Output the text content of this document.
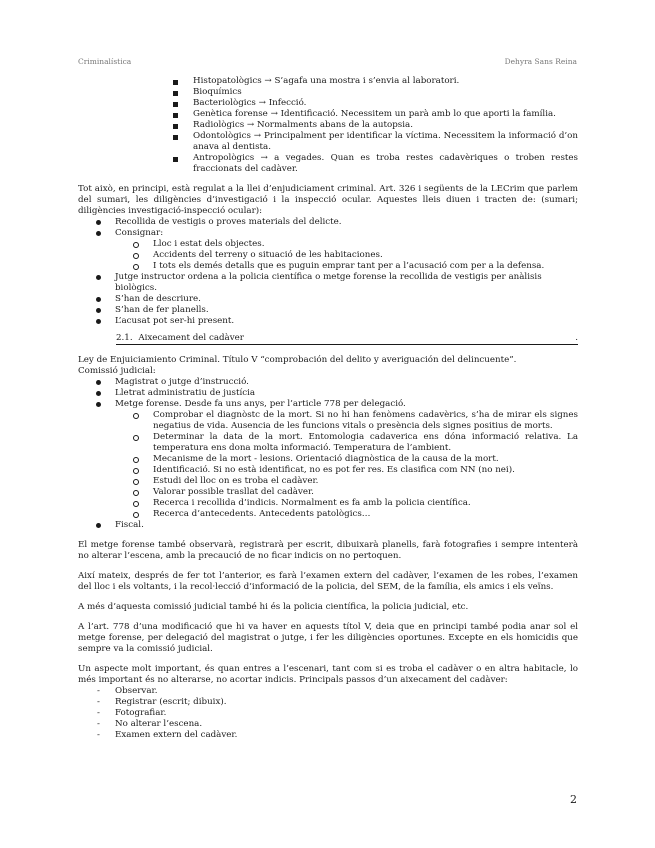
Criminalística	Dehyra Sans Reina
Histopatològics → S’agafa una mostra i s’envia al laboratori.
Bioquímics
Bacteriològics → Infecció.
Genètica forense → Identificació. Necessitem un parà amb lo que aporti la família.
Radiològics → Normalments abans de la autopsia.
Odontològics → Principalment per identificar la víctima. Necessitem la informació d’on anava al dentista.
Antropològics → a vegades. Quan es troba restes cadavèriques o troben restes fraccionats del cadàver.

Tot això, en principi, està regulat a la llei d’enjudiciament criminal. Art. 326 i següents de la LECrim que parlem del sumari, les diligències d’investigació i la inspecció ocular. Aquestes lleis diuen i tracten de: (sumari; diligències investigació-inspecció ocular):

Recollida de vestigis o proves materials del delicte.
Consignar:
Lloc i estat dels objectes.
Accidents del terreny o situació de les habitaciones.
I tots els demés detalls que es puguin emprar tant per a l’acusació com per a la defensa.
Jutge instructor ordena a la policia científica o metge forense la recollida de vestigis per anàlisis biològics.
S’han de descriure.
S’han de fer planells.
L’acusat pot ser-hi present.
2.1. Aixecament del cadàver	.

Ley de Enjuiciamiento Criminal. Título V “comprobación del delito y averiguación del delincuente”.

Comissió judicial:

Magistrat o jutge d’instrucció.
Lletrat administratiu de justícia
Metge forense. Desde fa uns anys, per l’article 778 per delegació.
Comprobar el diagnòstc de la mort. Si no hi han fenòmens cadavèrics, s’ha de mirar els signes negatius de vida. Ausencia de les funcions vitals o presència dels signes positius de morts.
Determinar la data de la mort. Entomologia cadaverica ens dóna informació relativa. La temperatura ens dona molta informació. Temperatura de l’ambient.
Mecanisme de la mort - lesions. Orientació diagnòstica de la causa de la mort.
Identificació. Si no està identificat, no es pot fer res. Es clasifica com NN (no nei).
Estudi del lloc on es troba el cadàver.
Valorar possible trasllat del cadàver.
Recerca i recollida d’indicis. Normalment es fa amb la policia científica.
Recerca d’antecedents. Antecedents patològics…
Fiscal.

El metge forense també observarà, registrarà per escrit, dibuixarà planells, farà fotografies i sempre intenterà no alterar l’escena, amb la precaució de no ficar indicis on no pertoquen.

Així mateix, després de fer tot l’anterior, es farà l’examen extern del cadàver, l’examen de les robes, l’examen del lloc i els voltants, i la recol·lecció d’informació de la policia, del SEM, de la família, els amics i els veïns.

A més d’aquesta comissió judicial també hi és la policia científica, la policia judicial, etc.

A l’art. 778 d’una modificació que hi va haver en aquests títol V, deia que en principi també podia anar sol el metge forense, per delegació del magistrat o jutge, i fer les diligències oportunes. Excepte en els homicidis que sempre va la comissió judicial.

Un aspecte molt important, és quan entres a l’escenari, tant com si es troba el cadàver o en altra habitacle, lo més important és no alterarse, no acortar indicis. Principals passos d’un aixecament del cadàver:

- Observar.
- Registrar (escrit; dibuix).
- Fotografiar.
- No alterar l’escena.
- Examen extern del cadàver.
2
